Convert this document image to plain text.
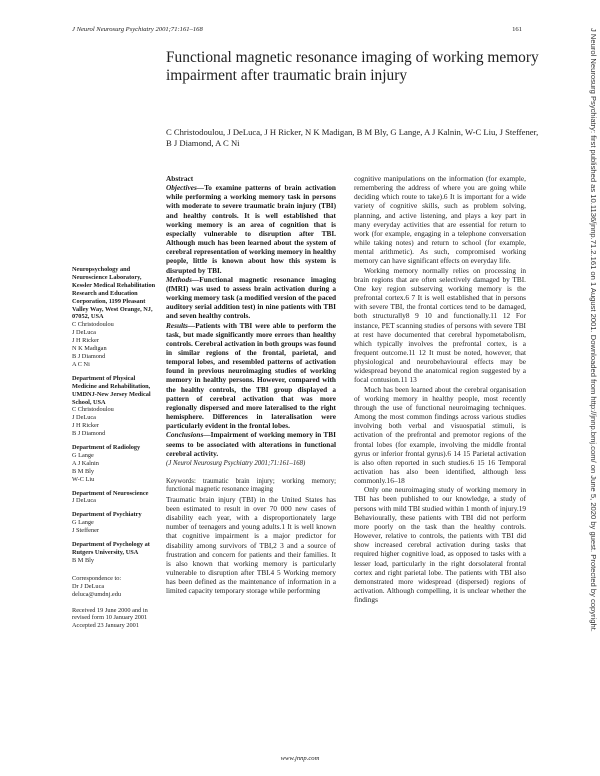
J Neurol Neurosurg Psychiatry 2001;71:161–168	161
Functional magnetic resonance imaging of working memory impairment after traumatic brain injury
C Christodoulou, J DeLuca, J H Ricker, N K Madigan, B M Bly, G Lange, A J Kalnin, W-C Liu, J Steffener, B J Diamond, A C Ni
Neuropsychology and Neuroscience Laboratory, Kessler Medical Rehabilitation Research and Education Corporation, 1199 Pleasant Valley Way, West Orange, NJ, 07052, USA
C Christodoulou
J DeLuca
J H Ricker
N K Madigan
B J Diamond
A C Ni
Department of Physical Medicine and Rehabilitation, UMDNJ-New Jersey Medical School, USA
C Christodoulou
J DeLuca
J H Ricker
B J Diamond
Department of Radiology
G Lange
A J Kalnin
B M Bly
W-C Liu
Department of Neuroscience
J DeLuca
Department of Psychiatry
G Lange
J Steffener
Department of Psychology at Rutgers University, USA
B M Bly
Correspondence to:
Dr J DeLuca
deluca@umdnj.edu
Received 19 June 2000 and in revised form 10 January 2001
Accepted 23 January 2001
Abstract

Objectives—To examine patterns of brain activation while performing a working memory task in persons with moderate to severe traumatic brain injury (TBI) and healthy controls. It is well established that working memory is an area of cognition that is especially vulnerable to disruption after TBI. Although much has been learned about the system of cerebral representation of working memory in healthy people, little is known about how this system is disrupted by TBI.

Methods—Functional magnetic resonance imaging (fMRI) was used to assess brain activation during a working memory task (a modified version of the paced auditory serial addition test) in nine patients with TBI and seven healthy controls.

Results—Patients with TBI were able to perform the task, but made significantly more errors than healthy controls. Cerebral activation in both groups was found in similar regions of the frontal, parietal, and temporal lobes, and resembled patterns of activation found in previous neuroimaging studies of working memory in healthy persons. However, compared with the healthy controls, the TBI group displayed a pattern of cerebral activation that was more regionally dispersed and more lateralised to the right hemisphere. Differences in lateralisation were particularly evident in the frontal lobes.

Conclusions—Impairment of working memory in TBI seems to be associated with alterations in functional cerebral activity.

(J Neurol Neurosurg Psychiatry 2001;71:161–168)
Keywords: traumatic brain injury; working memory; functional magnetic resonance imaging

Traumatic brain injury (TBI) in the United States has been estimated to result in over 70 000 new cases of disability each year, with a disproportionately large number of teenagers and young adults.1 It is well known that cognitive impairment is a major predictor for disability among survivors of TBI,2 3 and a source of frustration and concern for patients and their families. It is also known that working memory is particularly vulnerable to disruption after TBI.4 5 Working memory has been defined as the maintenance of information in a limited capacity temporary storage while performing

cognitive manipulations on the information (for example, remembering the address of where you are going while deciding which route to take).6 It is important for a wide variety of cognitive skills, such as problem solving, planning, and active listening, and plays a key part in many everyday activities that are essential for return to work (for example, engaging in a telephone conversation while taking notes) and return to school (for example, mental arithmetic). As such, compromised working memory can have significant effects on everyday life.

Working memory normally relies on processing in brain regions that are often selectively damaged by TBI. One key region subserving working memory is the prefrontal cortex.6 7 It is well established that in persons with severe TBI, the frontal cortices tend to be damaged, both structurally8 9 10 and functionally.11 12 For instance, PET scanning studies of persons with severe TBI at rest have documented that cerebral hypometabolism, which typically involves the prefrontal cortex, is a frequent outcome.11 12 It must be noted, however, that physiological and neurobehavioural effects may be widespread beyond the anatomical region suggested by a focal contusion.11 13

Much has been learned about the cerebral organisation of working memory in healthy people, most recently through the use of functional neuroimaging techniques. Among the most common findings across various studies involving both verbal and visuospatial stimuli, is activation of the prefrontal and premotor regions of the frontal lobes (for example, involving the middle frontal gyrus or inferior frontal gyrus).6 14 15 Parietal activation is also often reported in such studies.6 15 16 Temporal activation has also been identified, although less commonly.16–18

Only one neuroimaging study of working memory in TBI has been published to our knowledge, a study of persons with mild TBI studied within 1 month of injury.19 Behaviourally, these patients with TBI did not perform more poorly on the task than the healthy controls. However, relative to controls, the patients with TBI did show increased cerebral activation during tasks that required higher cognitive load, as opposed to tasks with a lesser load, particularly in the right dorsolateral frontal cortex and right parietal lobe. The patients with TBI also demonstrated more widespread (dispersed) regions of activation. Although compelling, it is unclear whether the findings

www.jnnp.com
J Neurol Neurosurg Psychiatry: first published as 10.1136/jnnp.71.2.161 on 1 August 2001. Downloaded from http://jnnp.bmj.com/ on June 5, 2020 by guest. Protected by copyright.
